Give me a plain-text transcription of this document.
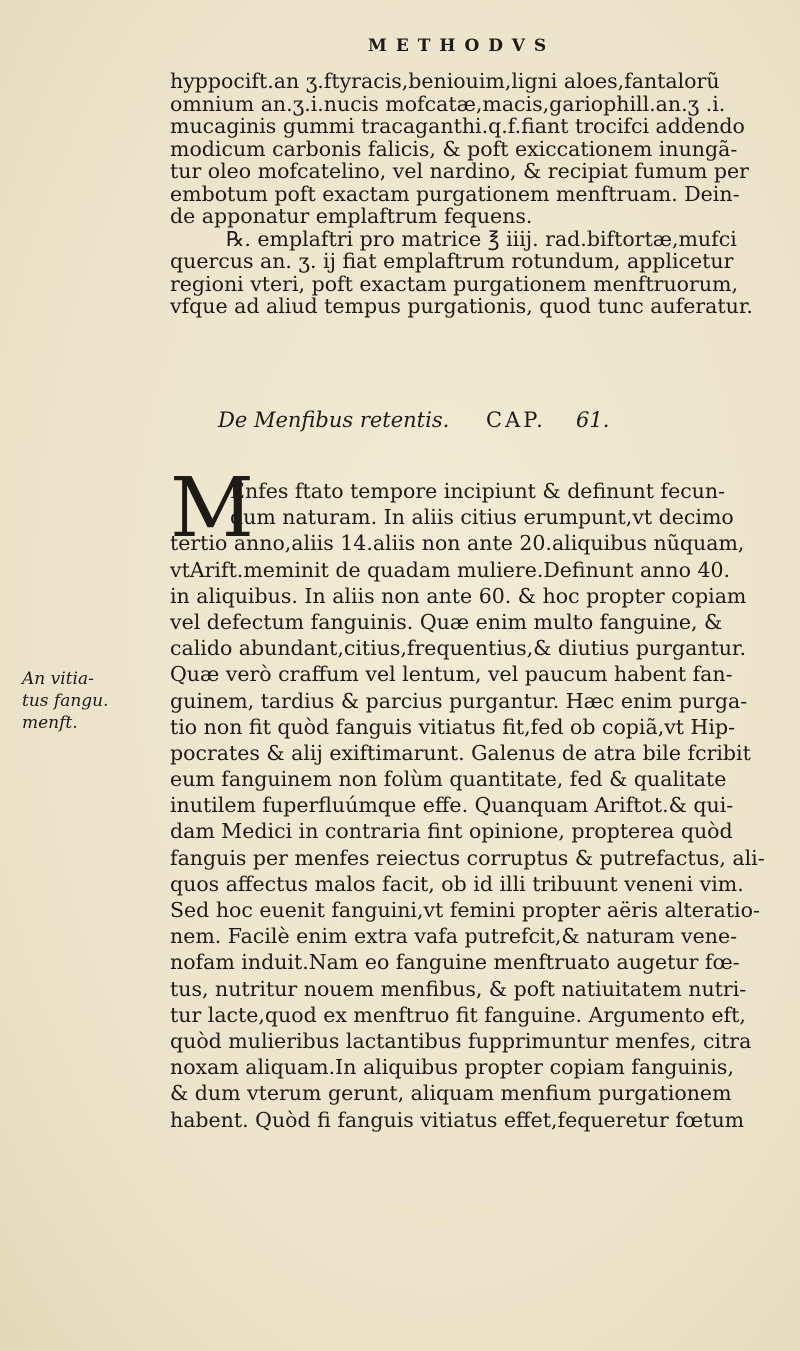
METHODVS
hyppocift.an ʒ.ftyracis,beniouim,ligni aloes,fantalorũ
omnium an.ʒ.i.nucis mofcatæ,macis,gariophill.an.ʒ .i.
mucaginis gummi tracaganthi.q.f.fiant trocifci addendo
modicum carbonis falicis, & poft exiccationem inungã-
tur oleo mofcatelino, vel nardino, & recipiat fumum per
embotum poft exactam purgationem menftruam. Dein-
de apponatur emplaftrum fequens.
℞. emplaftri pro matrice ℥ iiij. rad.biftortæ,mufci
quercus an. ʒ. ij fiat emplaftrum rotundum, applicetur
regioni vteri, poft exactam purgationem menftruorum,
vfque ad aliud tempus purgationis, quod tunc auferatur.
De Menfibus retentis. CAP. 61.
M
Enfes ftato tempore incipiunt & definunt fecun-
dum naturam. In aliis citius erumpunt,vt decimo
tertio anno,aliis 14.aliis non ante 20.aliquibus nũquam,
vtArift.meminit de quadam muliere.Definunt anno 40.
in aliquibus. In aliis non ante 60. & hoc propter copiam
vel defectum fanguinis. Quæ enim multo fanguine, &
calido abundant,citius,frequentius,& diutius purgantur.
Quæ verò craffum vel lentum, vel paucum habent fan-
guinem, tardius & parcius purgantur. Hæc enim purga-
tio non fit quòd fanguis vitiatus fit,fed ob copiã,vt Hip-
pocrates & alij exiftimarunt. Galenus de atra bile fcribit
eum fanguinem non folùm quantitate, fed & qualitate
inutilem fuperfluúmque effe. Quanquam Ariftot.& qui-
dam Medici in contraria fint opinione, propterea quòd
fanguis per menfes reiectus corruptus & putrefactus, ali-
quos affectus malos facit, ob id illi tribuunt veneni vim.
Sed hoc euenit fanguini,vt femini propter aëris alteratio-
nem. Facilè enim extra vafa putrefcit,& naturam vene-
nofam induit.Nam eo fanguine menftruato augetur fœ-
tus, nutritur nouem menfibus, & poft natiuitatem nutri-
tur lacte,quod ex menftruo fit fanguine. Argumento eft,
quòd mulieribus lactantibus fupprimuntur menfes, citra
noxam aliquam.In aliquibus propter copiam fanguinis,
& dum vterum gerunt, aliquam menfium purgationem
habent. Quòd fi fanguis vitiatus effet,fequeretur fœtum
An vitia-
tus fangu.
menft.
